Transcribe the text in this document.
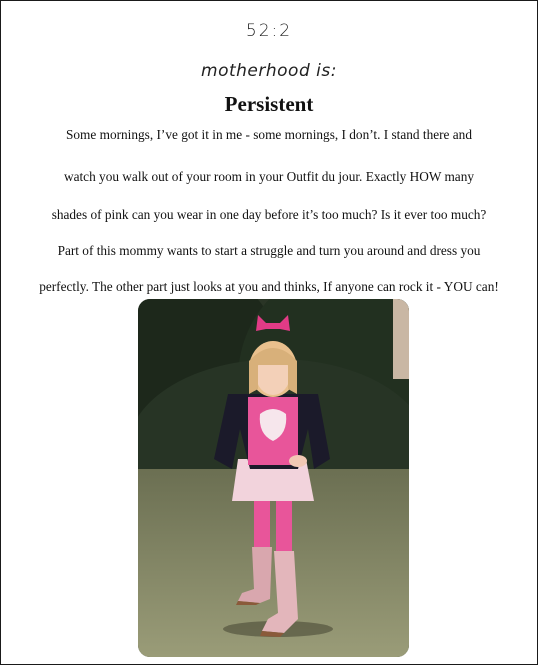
52:2
motherhood is:
Persistent
Some mornings, I’ve got it in me - some mornings, I don’t. I stand there and
watch you walk out of your room in your Outfit du jour. Exactly HOW many
shades of pink can you wear in one day before it’s too much? Is it ever too much?
Part of this mommy wants to start a struggle and turn you around and dress you
perfectly. The other part just looks at you and thinks, If anyone can rock it - YOU can!
